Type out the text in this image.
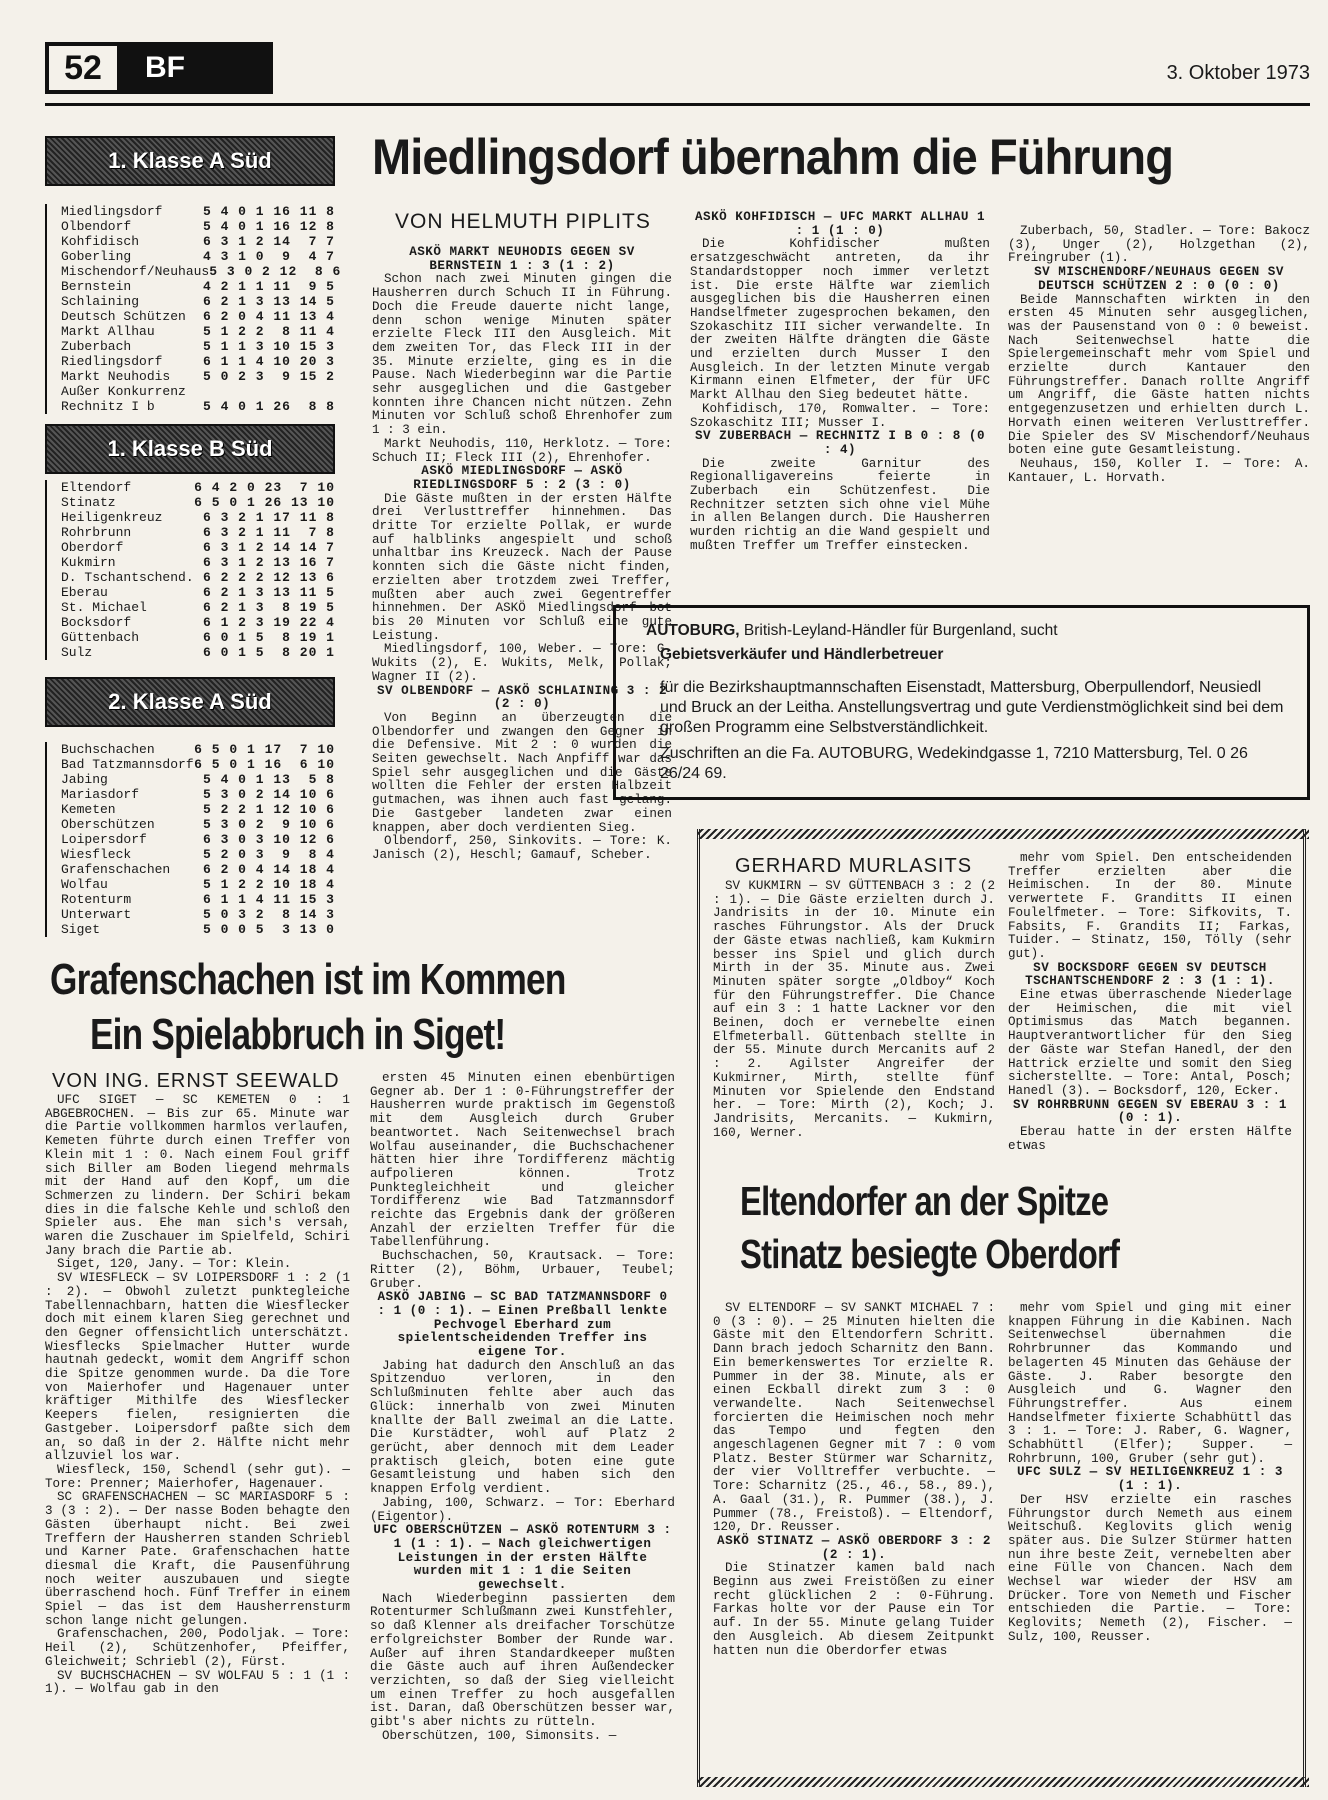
52	BF	3. Oktober 1973
1. Klasse A Süd
Miedlingsdorf	5 4 0 1 16 11 8
Olbendorf	5 4 0 1 16 12 8
Kohfidisch	6 3 1 2 14  7 7
Goberling	4 3 1 0  9  4 7
Mischendorf/Neuhaus 5 3 0 2 12  8 6
Bernstein	4 2 1 1 11  9 5
Schlaining	6 2 1 3 13 14 5
Deutsch Schützen 6 2 0 4 11 13 4
Markt Allhau	5 1 2 2  8 11 4
Zuberbach	5 1 1 3 10 15 3
Riedlingsdorf	6 1 1 4 10 20 3
Markt Neuhodis	5 0 2 3  9 15 2
Außer Konkurrenz
Rechnitz I b	5 4 0 1 26  8 8
1. Klasse B Süd
Eltendorf	6 4 2 0 23  7 10
Stinatz	6 5 0 1 26 13 10
Heiligenkreuz	6 3 2 1 17 11 8
Rohrbrunn	6 3 2 1 11  7 8
Oberdorf	6 3 1 2 14 14 7
Kukmirn	6 3 1 2 13 16 7
D. Tschantschend. 6 2 2 2 12 13 6
Eberau	6 2 1 3 13 11 5
St. Michael	6 2 1 3  8 19 5
Bocksdorf	6 1 2 3 19 22 4
Güttenbach	6 0 1 5  8 19 1
Sulz	6 0 1 5  8 20 1
2. Klasse A Süd
Buchschachen	6 5 0 1 17  7 10
Bad Tatzmannsdorf 6 5 0 1 16  6 10
Jabing	5 4 0 1 13  5 8
Mariasdorf	5 3 0 2 14 10 6
Kemeten	5 2 2 1 12 10 6
Oberschützen	5 3 0 2  9 10 6
Loipersdorf	6 3 0 3 10 12 6
Wiesfleck	5 2 0 3  9  8 4
Grafenschachen	6 2 0 4 14 18 4
Wolfau	5 1 2 2 10 18 4
Rotenturm	6 1 1 4 11 15 3
Unterwart	5 0 3 2  8 14 3
Siget	5 0 0 5  3 13 0
Miedlingsdorf übernahm die Führung
VON HELMUTH PIPLITS

ASKÖ MARKT NEUHODIS GEGEN SV BERNSTEIN 1 : 3 (1 : 2)

Schon nach zwei Minuten gingen die Hausherren durch Schuch II in Führung. Doch die Freude dauerte nicht lange, denn schon wenige Minuten später erzielte Fleck III den Ausgleich. Mit dem zweiten Tor, das Fleck III in der 35. Minute erzielte, ging es in die Pause. Nach Wiederbeginn war die Partie sehr ausgeglichen und die Gastgeber konnten ihre Chancen nicht nützen. Zehn Minuten vor Schluß schoß Ehrenhofer zum 1 : 3 ein.

Markt Neuhodis, 110, Herklotz. — Tore: Schuch II; Fleck III (2), Ehrenhofer.

ASKÖ MIEDLINGSDORF — ASKÖ RIEDLINGSDORF 5 : 2 (3 : 0)

Die Gäste mußten in der ersten Hälfte drei Verlusttreffer hinnehmen. Das dritte Tor erzielte Pollak, er wurde auf halblinks angespielt und schoß unhaltbar ins Kreuzeck. Nach der Pause konnten sich die Gäste nicht finden, erzielten aber trotzdem zwei Treffer, mußten aber auch zwei Gegentreffer hinnehmen. Der ASKÖ Miedlingsdorf bot bis 20 Minuten vor Schluß eine gute Leistung.

Miedlingsdorf, 100, Weber. — Tore: G. Wukits (2), E. Wukits, Melk, Pollak; Wagner II (2).

SV OLBENDORF — ASKÖ SCHLAINING 3 : 2 (2 : 0)

Von Beginn an überzeugten die Olbendorfer und zwangen den Gegner in die Defensive. Mit 2 : 0 wurden die Seiten gewechselt. Nach Anpfiff war das Spiel sehr ausgeglichen und die Gäste wollten die Fehler der ersten Halbzeit gutmachen, was ihnen auch fast gelang. Die Gastgeber landeten zwar einen knappen, aber doch verdienten Sieg.

Olbendorf, 250, Sinkovits. — Tore: K. Janisch (2), Heschl; Gamauf, Scheber.

ASKÖ KOHFIDISCH — UFC MARKT ALLHAU 1 : 1 (1 : 0)

Die Kohfidischer mußten ersatzgeschwächt antreten, da ihr Standardstopper noch immer verletzt ist. Die erste Hälfte war ziemlich ausgeglichen bis die Hausherren einen Handselfmeter zugesprochen bekamen, den Szokaschitz III sicher verwandelte. In der zweiten Hälfte drängten die Gäste und erzielten durch Musser I den Ausgleich. In der letzten Minute vergab Kirmann einen Elfmeter, der für UFC Markt Allhau den Sieg bedeutet hätte.

Kohfidisch, 170, Romwalter. — Tore: Szokaschitz III; Musser I.

SV ZUBERBACH — RECHNITZ I B 0 : 8 (0 : 4)

Die zweite Garnitur des Regionalligavereins feierte in Zuberbach ein Schützenfest. Die Rechnitzer setzten sich ohne viel Mühe in allen Belangen durch. Die Hausherren wurden richtig an die Wand gespielt und mußten Treffer um Treffer einstecken.

Zuberbach, 50, Stadler. — Tore: Bakocz (3), Unger (2), Holzgethan (2), Freingruber (1).

SV MISCHENDORF/NEUHAUS GEGEN SV DEUTSCH SCHÜTZEN 2 : 0 (0 : 0)

Beide Mannschaften wirkten in den ersten 45 Minuten sehr ausgeglichen, was der Pausenstand von 0 : 0 beweist. Nach Seitenwechsel hatte die Spielergemeinschaft mehr vom Spiel und erzielte durch Kantauer den Führungstreffer. Danach rollte Angriff um Angriff, die Gäste hatten nichts entgegenzusetzen und erhielten durch L. Horvath einen weiteren Verlusttreffer. Die Spieler des SV Mischendorf/Neuhaus boten eine gute Gesamtleistung.

Neuhaus, 150, Koller I. — Tore: A. Kantauer, L. Horvath.

AUTOBURG, British-Leyland-Händler für Burgenland, sucht
Gebietsverkäufer und Händlerbetreuer
für die Bezirkshauptmannschaften Eisenstadt, Mattersburg, Oberpullendorf, Neusiedl und Bruck an der Leitha. Anstellungsvertrag und gute Verdienstmöglichkeit sind bei dem großen Programm eine Selbstverständlichkeit.
Zuschriften an die Fa. AUTOBURG, Wedekindgasse 1, 7210 Mattersburg, Tel. 0 26 26/24 69.
Grafenschachen ist im Kommen
Ein Spielabbruch in Siget!
VON ING. ERNST SEEWALD

UFC SIGET — SC KEMETEN 0 : 1 ABGEBROCHEN. — Bis zur 65. Minute war die Partie vollkommen harmlos verlaufen, Kemeten führte durch einen Treffer von Klein mit 1 : 0. Nach einem Foul griff sich Biller am Boden liegend mehrmals mit der Hand auf den Kopf, um die Schmerzen zu lindern. Der Schiri bekam dies in die falsche Kehle und schloß den Spieler aus. Ehe man sich's versah, waren die Zuschauer im Spielfeld, Schiri Jany brach die Partie ab.

Siget, 120, Jany. — Tor: Klein.

SV WIESFLECK — SV LOIPERSDORF 1 : 2 (1 : 2). — Obwohl zuletzt punktegleiche Tabellennachbarn, hatten die Wiesflecker doch mit einem klaren Sieg gerechnet und den Gegner offensichtlich unterschätzt. Wiesflecks Spielmacher Hutter wurde hautnah gedeckt, womit dem Angriff schon die Spitze genommen wurde. Da die Tore von Maierhofer und Hagenauer unter kräftiger Mithilfe des Wiesflecker Keepers fielen, resignierten die Gastgeber. Loipersdorf paßte sich dem an, so daß in der 2. Hälfte nicht mehr allzuviel los war.

Wiesfleck, 150, Schendl (sehr gut). — Tore: Prenner; Maierhofer, Hagenauer.

SC GRAFENSCHACHEN — SC MARIASDORF 5 : 3 (3 : 2). — Der nasse Boden behagte den Gästen überhaupt nicht. Bei zwei Treffern der Hausherren standen Schriebl und Karner Pate. Grafenschachen hatte diesmal die Kraft, die Pausenführung noch weiter auszubauen und siegte überraschend hoch. Fünf Treffer in einem Spiel — das ist dem Hausherrensturm schon lange nicht gelungen.

Grafenschachen, 200, Podoljak. — Tore: Heil (2), Schützenhofer, Pfeiffer, Gleichweit; Schriebl (2), Fürst.

SV BUCHSCHACHEN — SV WOLFAU 5 : 1 (1 : 1). — Wolfau gab in den

ersten 45 Minuten einen ebenbürtigen Gegner ab. Der 1 : 0-Führungstreffer der Hausherren wurde praktisch im Gegenstoß mit dem Ausgleich durch Gruber beantwortet. Nach Seitenwechsel brach Wolfau auseinander, die Buchschachener hätten hier ihre Tordifferenz mächtig aufpolieren können. Trotz Punktegleichheit und gleicher Tordifferenz wie Bad Tatzmannsdorf reichte das Ergebnis dank der größeren Anzahl der erzielten Treffer für die Tabellenführung.

Buchschachen, 50, Krautsack. — Tore: Ritter (2), Böhm, Urbauer, Teubel; Gruber.

ASKÖ JABING — SC BAD TATZMANNSDORF 0 : 1 (0 : 1). — Einen Preßball lenkte Pechvogel Eberhard zum spielentscheidenden Treffer ins eigene Tor.

Jabing hat dadurch den Anschluß an das Spitzenduo verloren, in den Schlußminuten fehlte aber auch das Glück: innerhalb von zwei Minuten knallte der Ball zweimal an die Latte. Die Kurstädter, wohl auf Platz 2 gerücht, aber dennoch mit dem Leader praktisch gleich, boten eine gute Gesamtleistung und haben sich den knappen Erfolg verdient.

Jabing, 100, Schwarz. — Tor: Eberhard (Eigentor).

UFC OBERSCHÜTZEN — ASKÖ ROTENTURM 3 : 1 (1 : 1). — Nach gleichwertigen Leistungen in der ersten Hälfte wurden mit 1 : 1 die Seiten gewechselt.

Nach Wiederbeginn passierten dem Rotenturmer Schlußmann zwei Kunstfehler, so daß Klenner als dreifacher Torschütze erfolgreichster Bomber der Runde war. Außer auf ihren Standardkeeper mußten die Gäste auch auf ihren Außendecker verzichten, so daß der Sieg vielleicht um einen Treffer zu hoch ausgefallen ist. Daran, daß Oberschützen besser war, gibt's aber nichts zu rütteln.

Oberschützen, 100, Simonsits. —

GERHARD MURLASITS

SV KUKMIRN — SV GÜTTENBACH 3 : 2 (2 : 1). — Die Gäste erzielten durch J. Jandrisits in der 10. Minute ein rasches Führungstor. Als der Druck der Gäste etwas nachließ, kam Kukmirn besser ins Spiel und glich durch Mirth in der 35. Minute aus. Zwei Minuten später sorgte „Oldboy“ Koch für den Führungstreffer. Die Chance auf ein 3 : 1 hatte Lackner vor den Beinen, doch er vernebelte einen Elfmeterball. Güttenbach stellte in der 55. Minute durch Mercanits auf 2 : 2. Agilster Angreifer der Kukmirner, Mirth, stellte fünf Minuten vor Spielende den Endstand her. — Tore: Mirth (2), Koch; J. Jandrisits, Mercanits. — Kukmirn, 160, Werner.

mehr vom Spiel. Den entscheidenden Treffer erzielten aber die Heimischen. In der 80. Minute verwertete F. Granditts II einen Foulelfmeter. — Tore: Sifkovits, T. Fabsits, F. Grandits II; Farkas, Tuider. — Stinatz, 150, Tölly (sehr gut).

SV BOCKSDORF GEGEN SV DEUTSCH TSCHANTSCHENDORF 2 : 3 (1 : 1).

Eine etwas überraschende Niederlage der Heimischen, die mit viel Optimismus das Match begannen. Hauptverantwortlicher für den Sieg der Gäste war Stefan Hanedl, der den Hattrick erzielte und somit den Sieg sicherstellte. — Tore: Antal, Posch; Hanedl (3). — Bocksdorf, 120, Ecker.

SV ROHRBRUNN GEGEN SV EBERAU 3 : 1 (0 : 1).

Eberau hatte in der ersten Hälfte etwas

Eltendorfer an der Spitze
Stinatz besiegte Oberdorf

SV ELTENDORF — SV SANKT MICHAEL 7 : 0 (3 : 0). — 25 Minuten hielten die Gäste mit den Eltendorfern Schritt. Dann brach jedoch Scharnitz den Bann. Ein bemerkenswertes Tor erzielte R. Pummer in der 38. Minute, als er einen Eckball direkt zum 3 : 0 verwandelte. Nach Seitenwechsel forcierten die Heimischen noch mehr das Tempo und fegten den angeschlagenen Gegner mit 7 : 0 vom Platz. Bester Stürmer war Scharnitz, der vier Volltreffer verbuchte. — Tore: Scharnitz (25., 46., 58., 89.), A. Gaal (31.), R. Pummer (38.), J. Pummer (78., Freistoß). — Eltendorf, 120, Dr. Reusser.

ASKÖ STINATZ — ASKÖ OBERDORF 3 : 2 (2 : 1).

Die Stinatzer kamen bald nach Beginn aus zwei Freistößen zu einer recht glücklichen 2 : 0-Führung. Farkas holte vor der Pause ein Tor auf. In der 55. Minute gelang Tuider den Ausgleich. Ab diesem Zeitpunkt hatten nun die Oberdorfer etwas

mehr vom Spiel und ging mit einer knappen Führung in die Kabinen. Nach Seitenwechsel übernahmen die Rohrbrunner das Kommando und belagerten 45 Minuten das Gehäuse der Gäste. J. Raber besorgte den Ausgleich und G. Wagner den Führungstreffer. Aus einem Handselfmeter fixierte Schabhüttl das 3 : 1. — Tore: J. Raber, G. Wagner, Schabhüttl (Elfer); Supper. — Rohrbrunn, 100, Gruber (sehr gut).

UFC SULZ — SV HEILIGENKREUZ 1 : 3 (1 : 1).

Der HSV erzielte ein rasches Führungstor durch Nemeth aus einem Weitschuß. Keglovits glich wenig später aus. Die Sulzer Stürmer hatten nun ihre beste Zeit, vernebelten aber eine Fülle von Chancen. Nach dem Wechsel war wieder der HSV am Drücker. Tore von Nemeth und Fischer entschieden die Partie. — Tore: Keglovits; Nemeth (2), Fischer. — Sulz, 100, Reusser.
